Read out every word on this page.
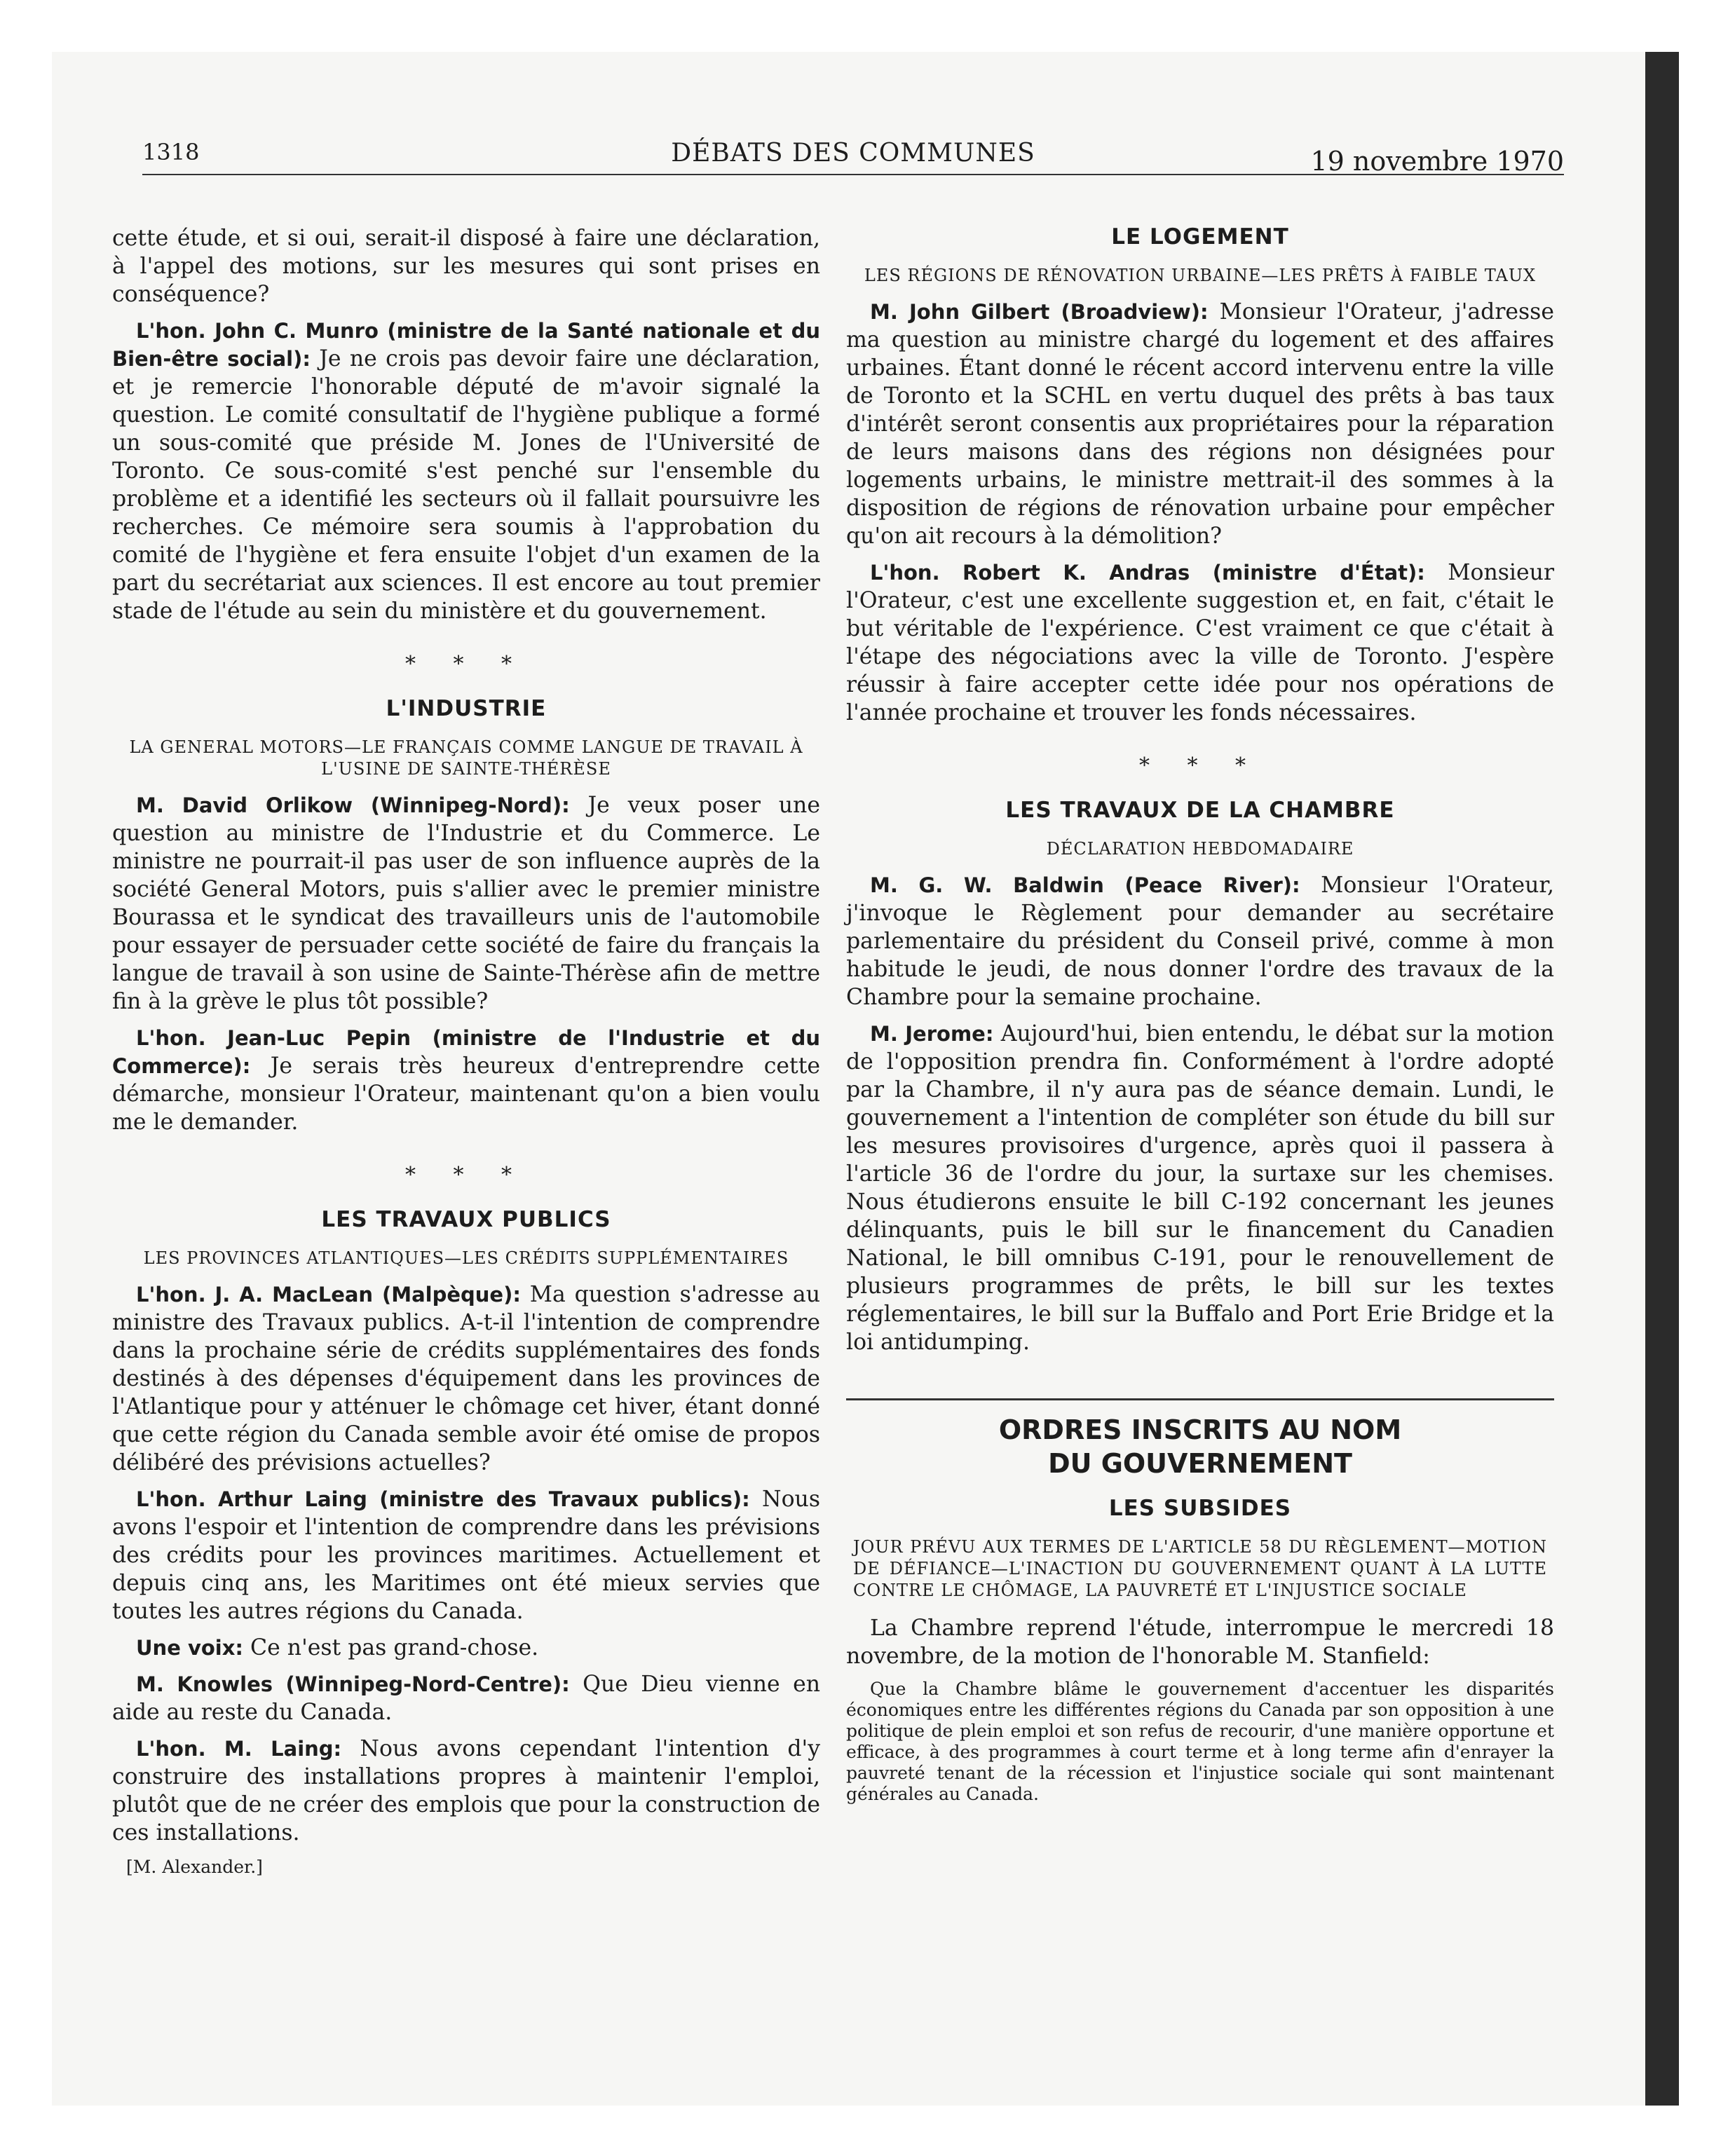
1318	DÉBATS DES COMMUNES	19 novembre 1970

cette étude, et si oui, serait-il disposé à faire une déclaration, à l'appel des motions, sur les mesures qui sont prises en conséquence?

L'hon. John C. Munro (ministre de la Santé nationale et du Bien-être social): Je ne crois pas devoir faire une déclaration, et je remercie l'honorable député de m'avoir signalé la question. Le comité consultatif de l'hygiène publique a formé un sous-comité que préside M. Jones de l'Université de Toronto. Ce sous-comité s'est penché sur l'ensemble du problème et a identifié les secteurs où il fallait poursuivre les recherches. Ce mémoire sera soumis à l'approbation du comité de l'hygiène et fera ensuite l'objet d'un examen de la part du secrétariat aux sciences. Il est encore au tout premier stade de l'étude au sein du ministère et du gouvernement.

* * *
L'INDUSTRIE
LA GENERAL MOTORS—LE FRANÇAIS COMME LANGUE DE TRAVAIL À L'USINE DE SAINTE-THÉRÈSE

M. David Orlikow (Winnipeg-Nord): Je veux poser une question au ministre de l'Industrie et du Commerce. Le ministre ne pourrait-il pas user de son influence auprès de la société General Motors, puis s'allier avec le premier ministre Bourassa et le syndicat des travailleurs unis de l'automobile pour essayer de persuader cette société de faire du français la langue de travail à son usine de Sainte-Thérèse afin de mettre fin à la grève le plus tôt possible?

L'hon. Jean-Luc Pepin (ministre de l'Industrie et du Commerce): Je serais très heureux d'entreprendre cette démarche, monsieur l'Orateur, maintenant qu'on a bien voulu me le demander.

* * *
LES TRAVAUX PUBLICS
LES PROVINCES ATLANTIQUES—LES CRÉDITS SUPPLÉMENTAIRES

L'hon. J. A. MacLean (Malpèque): Ma question s'adresse au ministre des Travaux publics. A-t-il l'intention de comprendre dans la prochaine série de crédits supplémentaires des fonds destinés à des dépenses d'équipement dans les provinces de l'Atlantique pour y atténuer le chômage cet hiver, étant donné que cette région du Canada semble avoir été omise de propos délibéré des prévisions actuelles?

L'hon. Arthur Laing (ministre des Travaux publics): Nous avons l'espoir et l'intention de comprendre dans les prévisions des crédits pour les provinces maritimes. Actuellement et depuis cinq ans, les Maritimes ont été mieux servies que toutes les autres régions du Canada.

Une voix: Ce n'est pas grand-chose.

M. Knowles (Winnipeg-Nord-Centre): Que Dieu vienne en aide au reste du Canada.

L'hon. M. Laing: Nous avons cependant l'intention d'y construire des installations propres à maintenir l'emploi, plutôt que de ne créer des emplois que pour la construction de ces installations.

[M. Alexander.]
LE LOGEMENT
LES RÉGIONS DE RÉNOVATION URBAINE—LES PRÊTS À FAIBLE TAUX

M. John Gilbert (Broadview): Monsieur l'Orateur, j'adresse ma question au ministre chargé du logement et des affaires urbaines. Étant donné le récent accord intervenu entre la ville de Toronto et la SCHL en vertu duquel des prêts à bas taux d'intérêt seront consentis aux propriétaires pour la réparation de leurs maisons dans des régions non désignées pour logements urbains, le ministre mettrait-il des sommes à la disposition de régions de rénovation urbaine pour empêcher qu'on ait recours à la démolition?

L'hon. Robert K. Andras (ministre d'État): Monsieur l'Orateur, c'est une excellente suggestion et, en fait, c'était le but véritable de l'expérience. C'est vraiment ce que c'était à l'étape des négociations avec la ville de Toronto. J'espère réussir à faire accepter cette idée pour nos opérations de l'année prochaine et trouver les fonds nécessaires.

* * *
LES TRAVAUX DE LA CHAMBRE
DÉCLARATION HEBDOMADAIRE

M. G. W. Baldwin (Peace River): Monsieur l'Orateur, j'invoque le Règlement pour demander au secrétaire parlementaire du président du Conseil privé, comme à mon habitude le jeudi, de nous donner l'ordre des travaux de la Chambre pour la semaine prochaine.

M. Jerome: Aujourd'hui, bien entendu, le débat sur la motion de l'opposition prendra fin. Conformément à l'ordre adopté par la Chambre, il n'y aura pas de séance demain. Lundi, le gouvernement a l'intention de compléter son étude du bill sur les mesures provisoires d'urgence, après quoi il passera à l'article 36 de l'ordre du jour, la surtaxe sur les chemises. Nous étudierons ensuite le bill C-192 concernant les jeunes délinquants, puis le bill sur le financement du Canadien National, le bill omnibus C-191, pour le renouvellement de plusieurs programmes de prêts, le bill sur les textes réglementaires, le bill sur la Buffalo and Port Erie Bridge et la loi antidumping.

ORDRES INSCRITS AU NOM
DU GOUVERNEMENT
LES SUBSIDES
JOUR PRÉVU AUX TERMES DE L'ARTICLE 58 DU RÈGLEMENT—MOTION DE DÉFIANCE—L'INACTION DU GOUVERNEMENT QUANT À LA LUTTE CONTRE LE CHÔMAGE, LA PAUVRETÉ ET L'INJUSTICE SOCIALE

La Chambre reprend l'étude, interrompue le mercredi 18 novembre, de la motion de l'honorable M. Stanfield:

Que la Chambre blâme le gouvernement d'accentuer les disparités économiques entre les différentes régions du Canada par son opposition à une politique de plein emploi et son refus de recourir, d'une manière opportune et efficace, à des programmes à court terme et à long terme afin d'enrayer la pauvreté tenant de la récession et l'injustice sociale qui sont maintenant générales au Canada.
